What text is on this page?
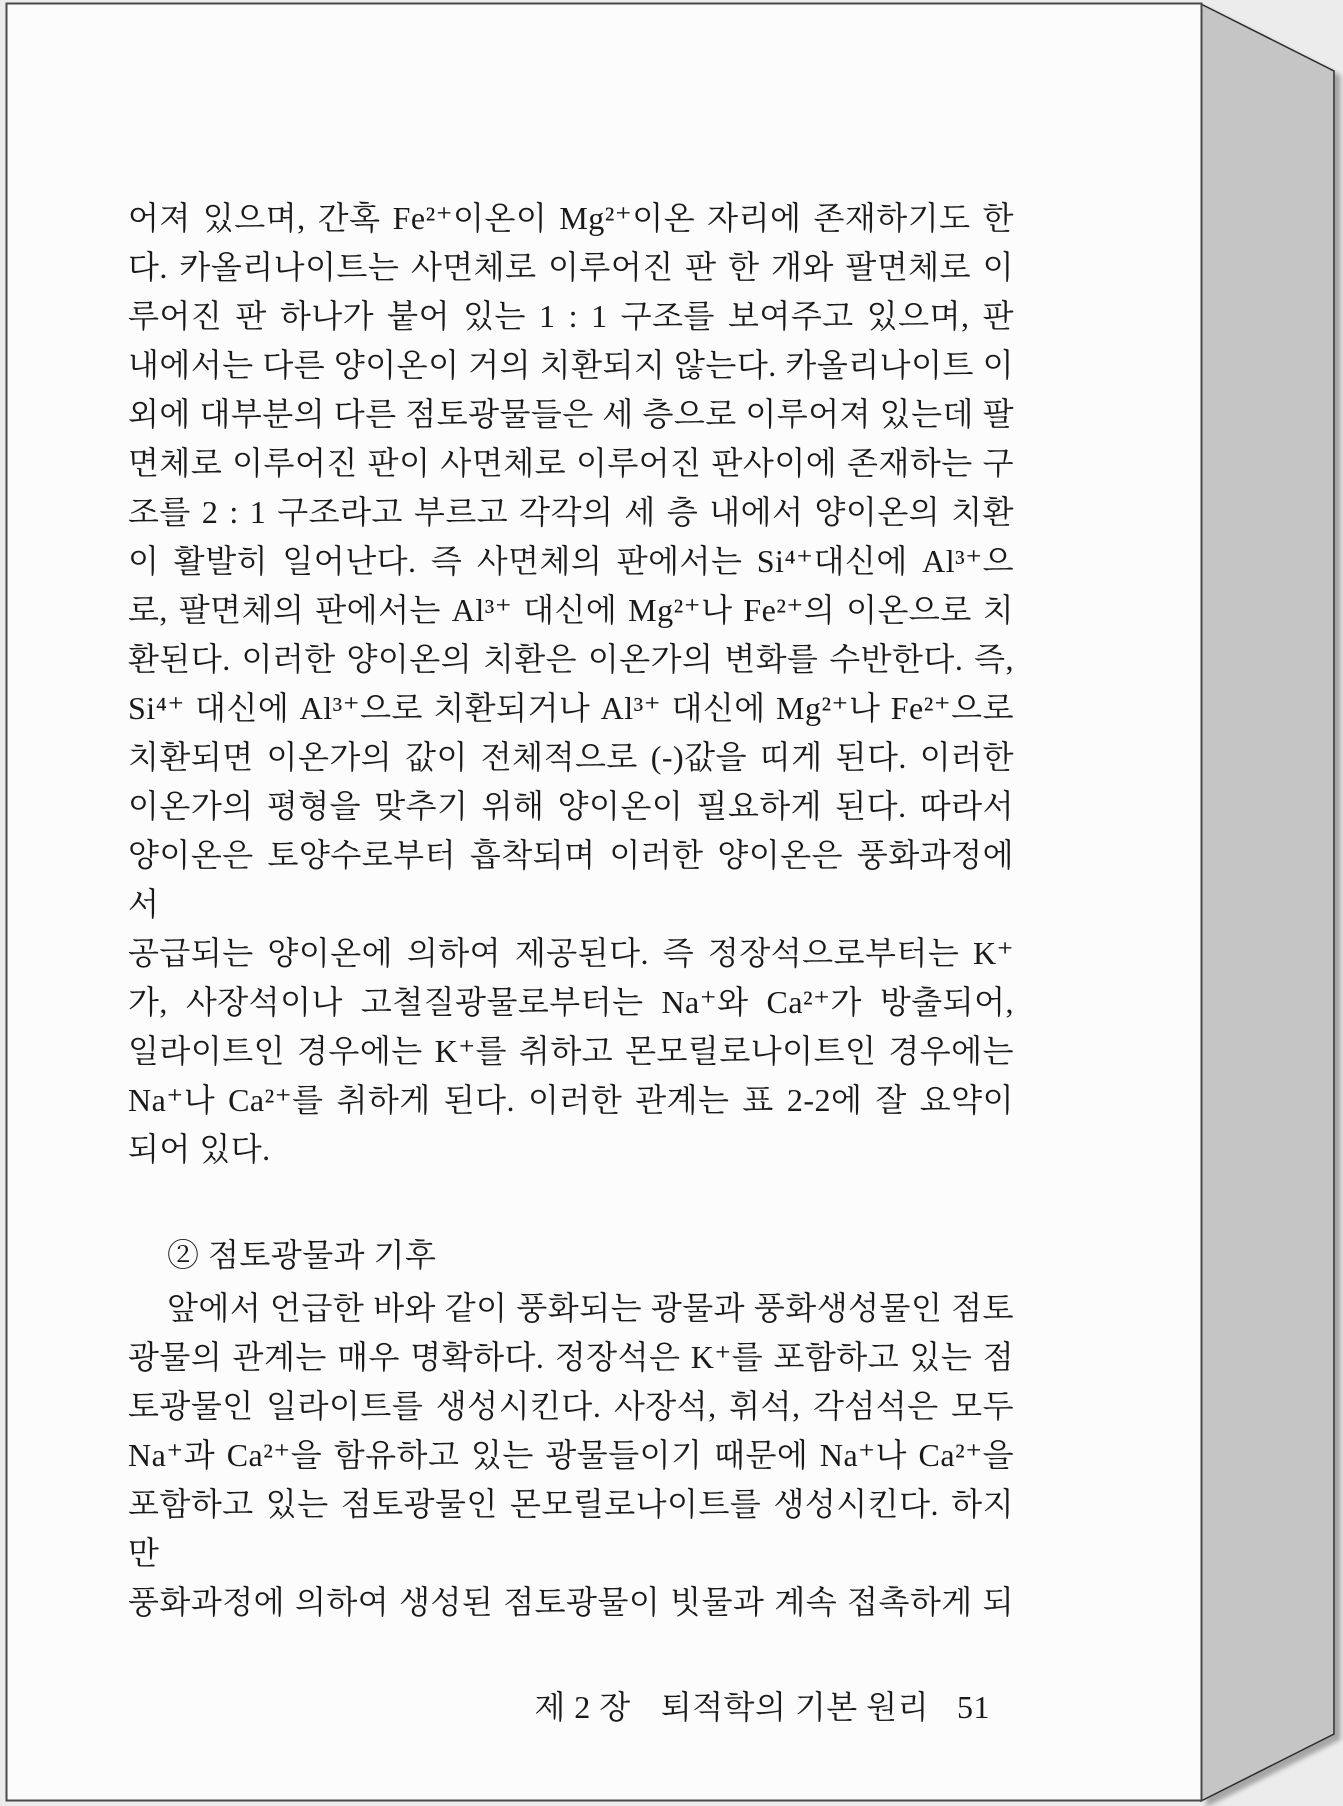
어져 있으며, 간혹 Fe²⁺이온이 Mg²⁺이온 자리에 존재하기도 한
다. 카올리나이트는 사면체로 이루어진 판 한 개와 팔면체로 이
루어진 판 하나가 붙어 있는 1 : 1 구조를 보여주고 있으며, 판
내에서는 다른 양이온이 거의 치환되지 않는다. 카올리나이트 이
외에 대부분의 다른 점토광물들은 세 층으로 이루어져 있는데 팔
면체로 이루어진 판이 사면체로 이루어진 판사이에 존재하는 구
조를 2 : 1 구조라고 부르고 각각의 세 층 내에서 양이온의 치환
이 활발히 일어난다. 즉 사면체의 판에서는 Si⁴⁺대신에 Al³⁺으
로, 팔면체의 판에서는 Al³⁺ 대신에 Mg²⁺나 Fe²⁺의 이온으로 치
환된다. 이러한 양이온의 치환은 이온가의 변화를 수반한다. 즉,
Si⁴⁺ 대신에 Al³⁺으로 치환되거나 Al³⁺ 대신에 Mg²⁺나 Fe²⁺으로
치환되면 이온가의 값이 전체적으로 (-)값을 띠게 된다. 이러한
이온가의 평형을 맞추기 위해 양이온이 필요하게 된다. 따라서
양이온은 토양수로부터 흡착되며 이러한 양이온은 풍화과정에서
공급되는 양이온에 의하여 제공된다. 즉 정장석으로부터는 K⁺
가, 사장석이나 고철질광물로부터는 Na⁺와 Ca²⁺가 방출되어,
일라이트인 경우에는 K⁺를 취하고 몬모릴로나이트인 경우에는
Na⁺나 Ca²⁺를 취하게 된다. 이러한 관계는 표 2-2에 잘 요약이
되어 있다.
② 점토광물과 기후
앞에서 언급한 바와 같이 풍화되는 광물과 풍화생성물인 점토
광물의 관계는 매우 명확하다. 정장석은 K⁺를 포함하고 있는 점
토광물인 일라이트를 생성시킨다. 사장석, 휘석, 각섬석은 모두
Na⁺과 Ca²⁺을 함유하고 있는 광물들이기 때문에 Na⁺나 Ca²⁺을
포함하고 있는 점토광물인 몬모릴로나이트를 생성시킨다. 하지만
풍화과정에 의하여 생성된 점토광물이 빗물과 계속 접촉하게 되
제 2 장 퇴적학의 기본 원리 51
